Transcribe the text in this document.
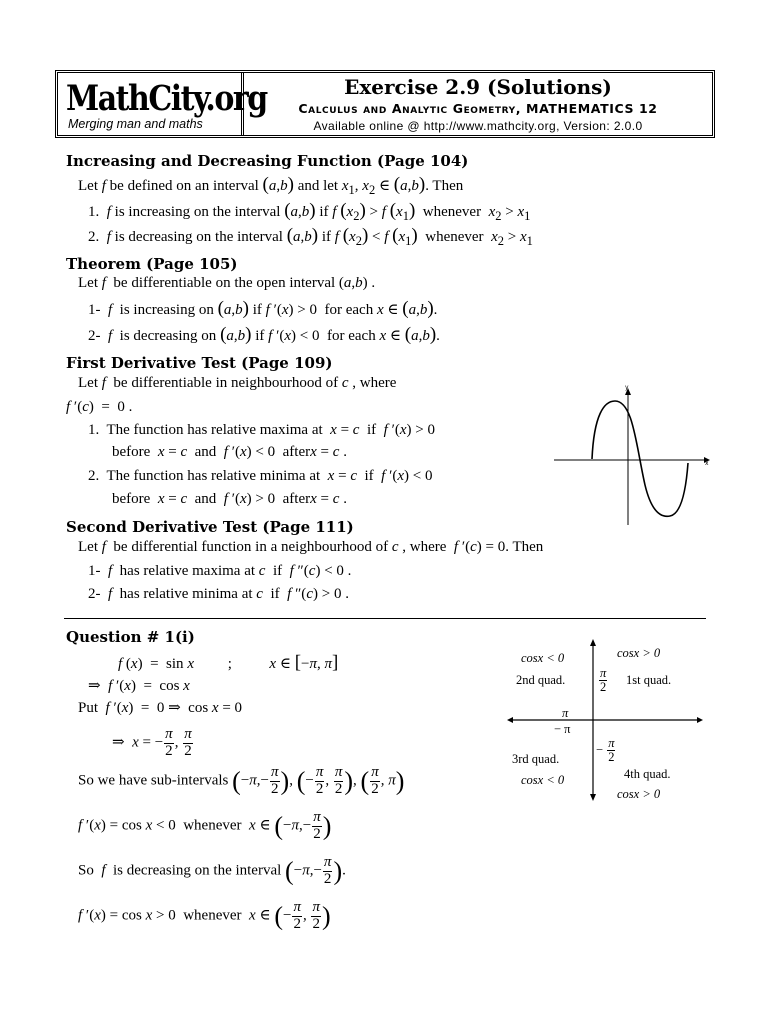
MathCity.org
Merging man and maths
Exercise 2.9 (Solutions)
Calculus and Analytic Geometry, MATHEMATICS 12
Available online @ http://www.mathcity.org, Version: 2.0.0
Increasing and Decreasing Function (Page 104)
Let f be defined on an interval (a,b) and let $x_1$, $x_2$ ∈ (a,b). Then
1. f is increasing on the interval (a,b) if f $(x_2) > f$ $(x_1)$ whenever $x_2 > x_1$
2. f is decreasing on the interval (a,b) if f $(x_2) < f$ $(x_1)$ whenever $x_2 > x_1$
Theorem (Page 105)
Let f be differentiable on the open interval (a,b) .
1- f is increasing on (a,b) if f ′(x) > 0  for each x ∈ (a,b).
2- f is decreasing on (a,b) if f ′(x) < 0  for each x ∈ (a,b).
First Derivative Test (Page 109)
Let f be differentiable in neighbourhood of c , where
f ′(c)  =  0 .
1. The function has relative maxima at x = c  if  f ′(x) > 0
before x = c and f ′(x) < 0  afterx = c .
2. The function has relative minima at x = c  if  f ′(x) < 0
before x = c and f ′(x) > 0  afterx = c .
x
y
Second Derivative Test (Page 111)
Let f be differential function in a neighbourhood of c , where f ′(c) = 0. Then
1- f has relative maxima at c  if  f ″(c) < 0 .
2- f has relative minima at c  if  f ″(c) > 0 .
Question # 1(i)
f (x)  =  sin x         ;          x ∈ [−π, π]
⇒  f ′(x)  =  cos x
Put f ′(x)  =  0 ⇒  cos x = 0
⇒  x = − $\frac{\pi}{2}$ , $\frac{\pi}{2}$
So we have sub-intervals ($-\pi,- \frac{\pi}{2}$ ), (− $\frac{\pi}{2}$ , $\frac{\pi}{2}$ ), ( $\frac{\pi}{2}$ , π)
f ′(x) = cos x < 0  whenever x ∈ ($-\pi,- \frac{\pi}{2}$ )
So f is decreasing on the interval ($-\pi,- \frac{\pi}{2}$ ).
f ′(x) = cos x > 0  whenever x ∈ (− $\frac{\pi}{2}$ , $\frac{\pi}{2}$ )
cosx > 0
1st quad.
cosx < 0
2nd quad.	$\frac{\pi}{2}$
π
− π
− $\frac{\pi}{2}$
3rd quad.
cosx < 0	4th quad.
cosx > 0
